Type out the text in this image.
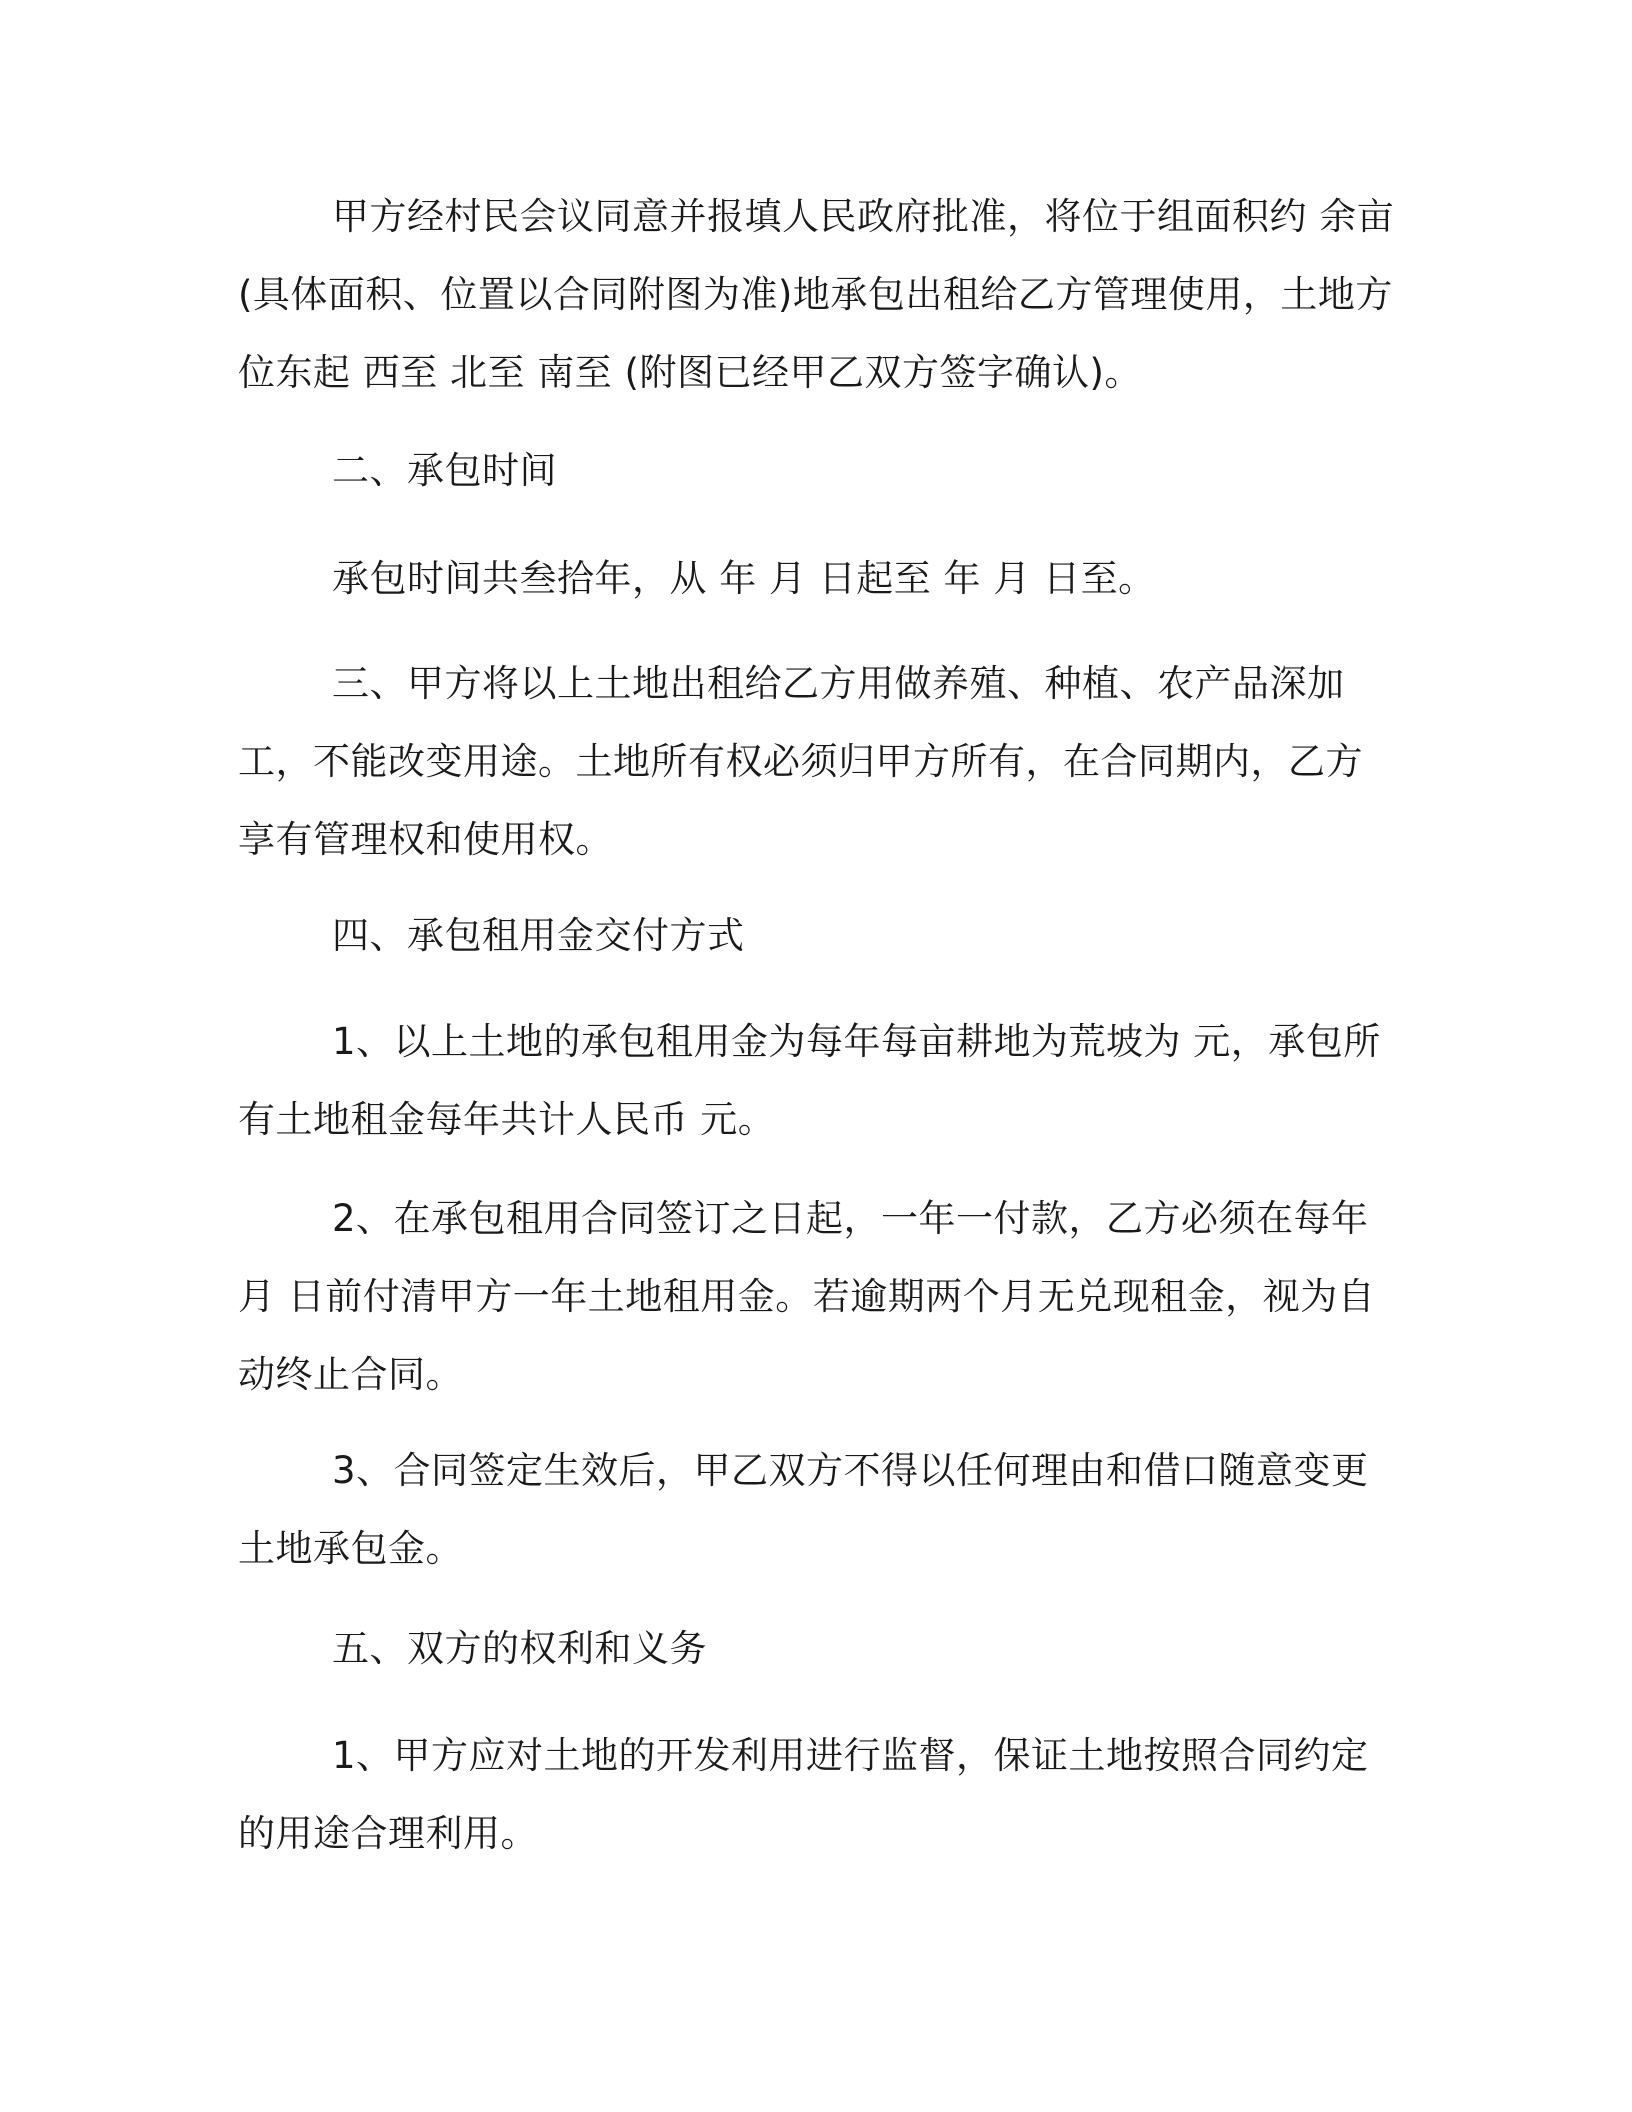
甲方经村民会议同意并报填人民政府批准，将位于组面积约 余亩(具体面积、位置以合同附图为准)地承包出租给乙方管理使用，土地方位东起 西至 北至 南至 (附图已经甲乙双方签字确认)。

二、承包时间

承包时间共叁拾年，从 年 月 日起至 年 月 日至。

三、甲方将以上土地出租给乙方用做养殖、种植、农产品深加工，不能改变用途。土地所有权必须归甲方所有，在合同期内，乙方享有管理权和使用权。

四、承包租用金交付方式

1、以上土地的承包租用金为每年每亩耕地为荒坡为 元，承包所有土地租金每年共计人民币 元。

2、在承包租用合同签订之日起，一年一付款，乙方必须在每年月 日前付清甲方一年土地租用金。若逾期两个月无兑现租金，视为自动终止合同。

3、合同签定生效后，甲乙双方不得以任何理由和借口随意变更土地承包金。

五、双方的权利和义务

1、甲方应对土地的开发利用进行监督，保证土地按照合同约定的用途合理利用。
